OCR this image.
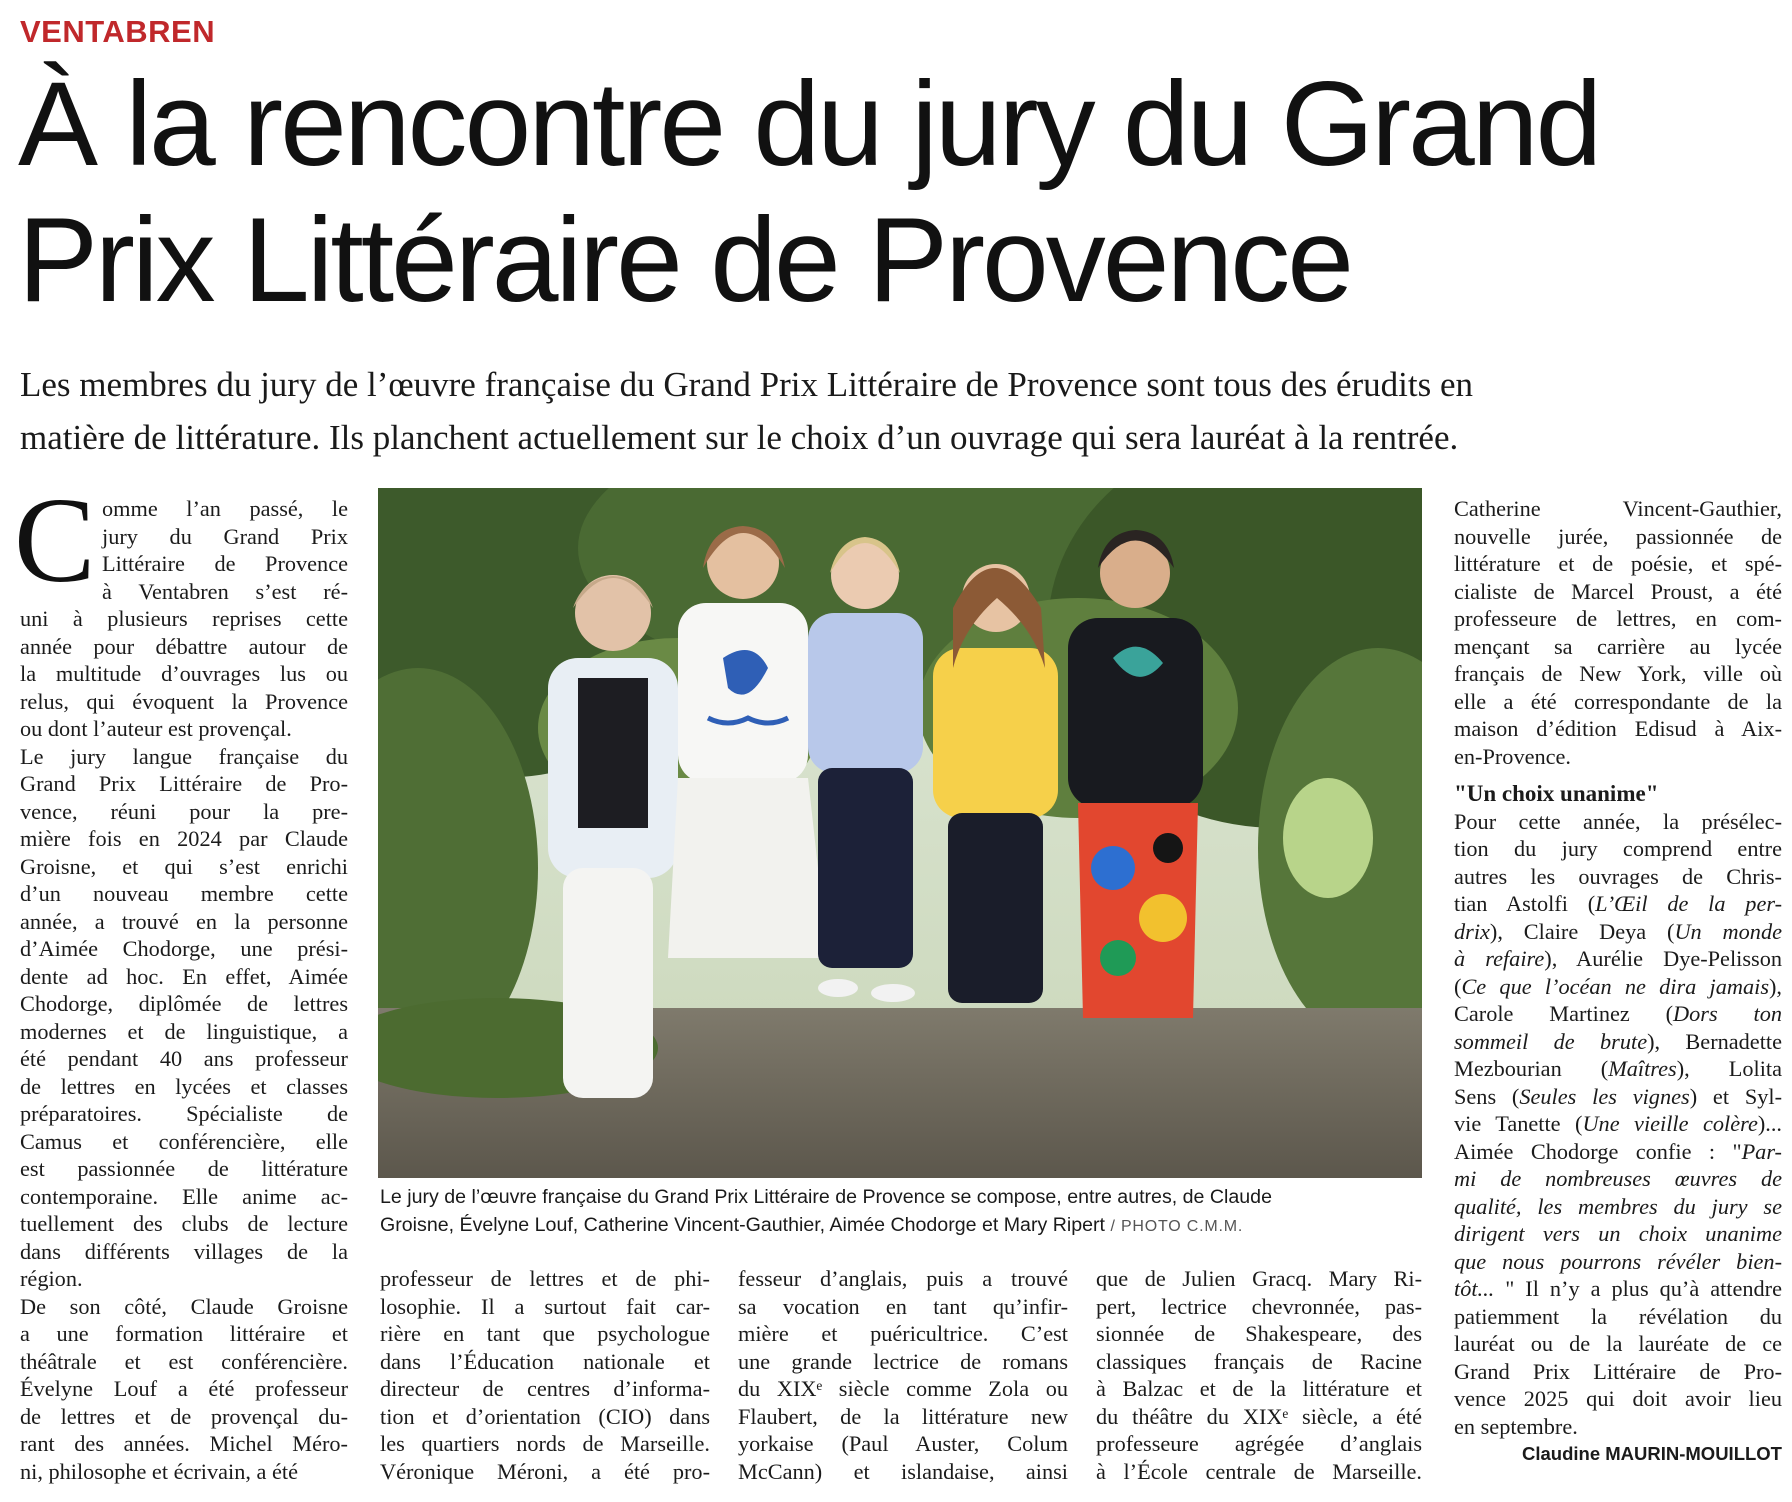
VENTABREN
À la rencontre du jury du Grand
Prix Littéraire de Provence
Les membres du jury de l’œuvre française du Grand Prix Littéraire de Provence sont tous des érudits en
matière de littérature. Ils planchent actuellement sur le choix d’un ouvrage qui sera lauréat à la rentrée.
C omme l’an passé, le
jury du Grand Prix
Littéraire de Provence
à Ventabren s’est ré-
uni à plusieurs reprises cette
année pour débattre autour de
la multitude d’ouvrages lus ou
relus, qui évoquent la Provence
ou dont l’auteur est provençal.
Le jury langue française du
Grand Prix Littéraire de Pro-
vence, réuni pour la pre-
mière fois en 2024 par Claude
Groisne, et qui s’est enrichi
d’un nouveau membre cette
année, a trouvé en la personne
d’Aimée Chodorge, une prési-
dente ad hoc. En effet, Aimée
Chodorge, diplômée de lettres
modernes et de linguistique, a
été pendant 40 ans professeur
de lettres en lycées et classes
préparatoires. Spécialiste de
Camus et conférencière, elle
est passionnée de littérature
contemporaine. Elle anime ac-
tuellement des clubs de lecture
dans différents villages de la
région.
De son côté, Claude Groisne
a une formation littéraire et
théâtrale et est conférencière.
Évelyne Louf a été professeur
de lettres et de provençal du-
rant des années. Michel Méro-
ni, philosophe et écrivain, a été
professeur de lettres et de phi-
losophie. Il a surtout fait car-
rière en tant que psychologue
dans l’Éducation nationale et
directeur de centres d’informa-
tion et d’orientation (CIO) dans
les quartiers nords de Marseille.
Véronique Méroni, a été pro-
fesseur d’anglais, puis a trouvé
sa vocation en tant qu’infir-
mière et puéricultrice. C’est
une grande lectrice de romans
du XIXᵉ siècle comme Zola ou
Flaubert, de la littérature new
yorkaise (Paul Auster, Colum
McCann) et islandaise, ainsi
que de Julien Gracq. Mary Ri-
pert, lectrice chevronnée, pas-
sionnée de Shakespeare, des
classiques français de Racine
à Balzac et de la littérature et
du théâtre du XIXᵉ siècle, a été
professeure agrégée d’anglais
à l’École centrale de Marseille.
Catherine Vincent-Gauthier,
nouvelle jurée, passionnée de
littérature et de poésie, et spé-
cialiste de Marcel Proust, a été
professeure de lettres, en com-
mençant sa carrière au lycée
français de New York, ville où
elle a été correspondante de la
maison d’édition Edisud à Aix-
en-Provence.
"Un choix unanime"
Pour cette année, la présélec-
tion du jury comprend entre
autres les ouvrages de Chris-
tian Astolfi (L’Œil de la per-
drix), Claire Deya (Un monde
à refaire), Aurélie Dye-Pelisson
(Ce que l’océan ne dira jamais),
Carole Martinez (Dors ton
sommeil de brute), Bernadette
Mezbourian (Maîtres), Lolita
Sens (Seules les vignes) et Syl-
vie Tanette (Une vieille colère)...
Aimée Chodorge confie : "Par-
mi de nombreuses œuvres de
qualité, les membres du jury se
dirigent vers un choix unanime
que nous pourrons révéler bien-
tôt... " Il n’y a plus qu’à attendre
patiemment la révélation du
lauréat ou de la lauréate de ce
Grand Prix Littéraire de Pro-
vence 2025 qui doit avoir lieu
en septembre.
Claudine MAURIN-MOUILLOT
Le jury de l’œuvre française du Grand Prix Littéraire de Provence se compose, entre autres, de Claude
Groisne, Évelyne Louf, Catherine Vincent-Gauthier, Aimée Chodorge et Mary Ripert / PHOTO C.M.M.
